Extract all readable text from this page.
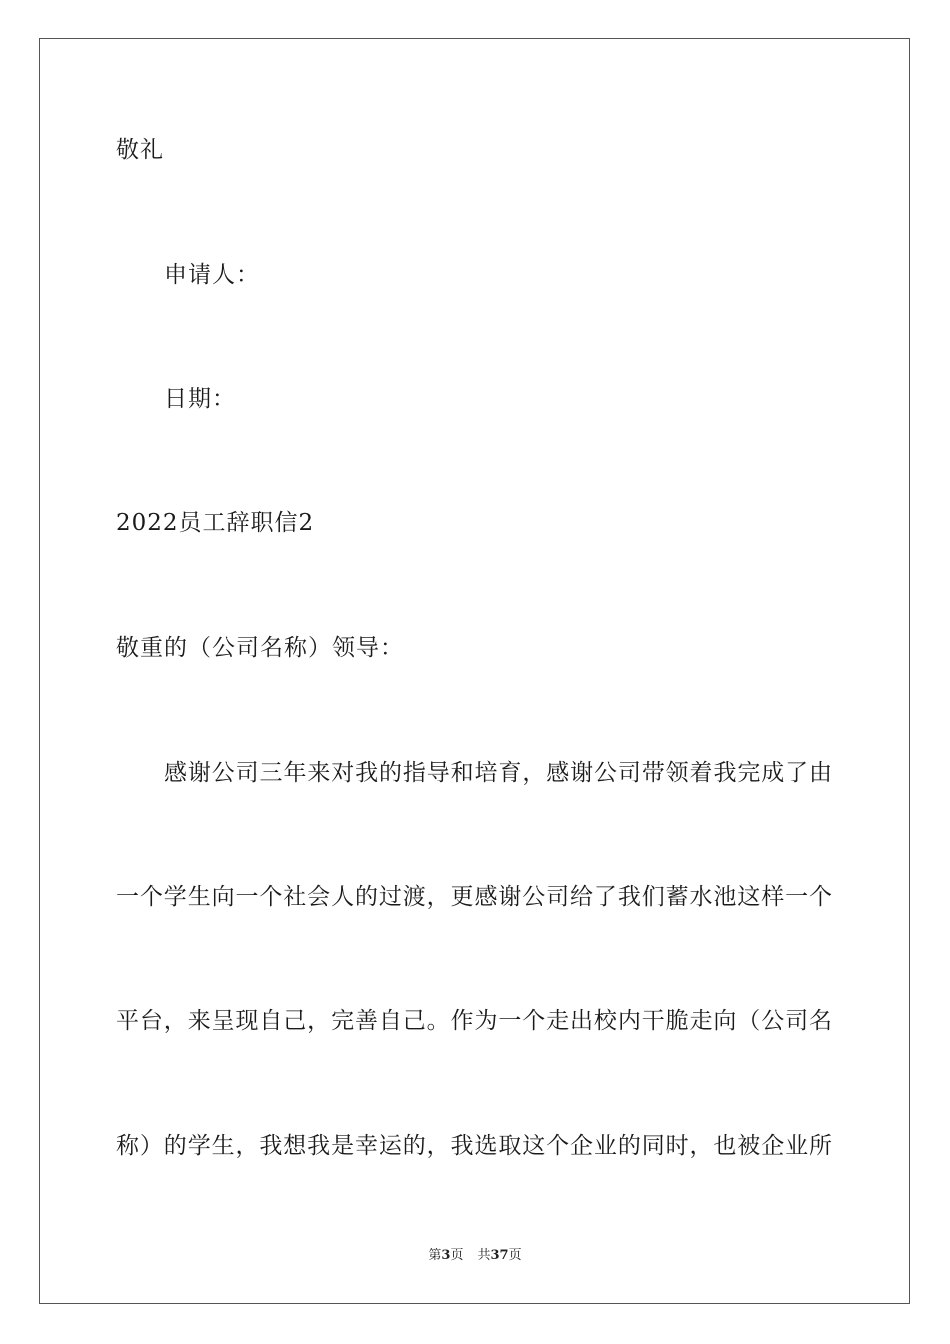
敬礼
申请人：
日期：
2022员工辞职信2
敬重的（公司名称）领导：
感谢公司三年来对我的指导和培育，感谢公司带领着我完成了由
一个学生向一个社会人的过渡，更感谢公司给了我们蓄水池这样一个
平台，来呈现自己，完善自己。作为一个走出校内干脆走向（公司名
称）的学生，我想我是幸运的，我选取这个企业的同时，也被企业所
第3页 共37页
